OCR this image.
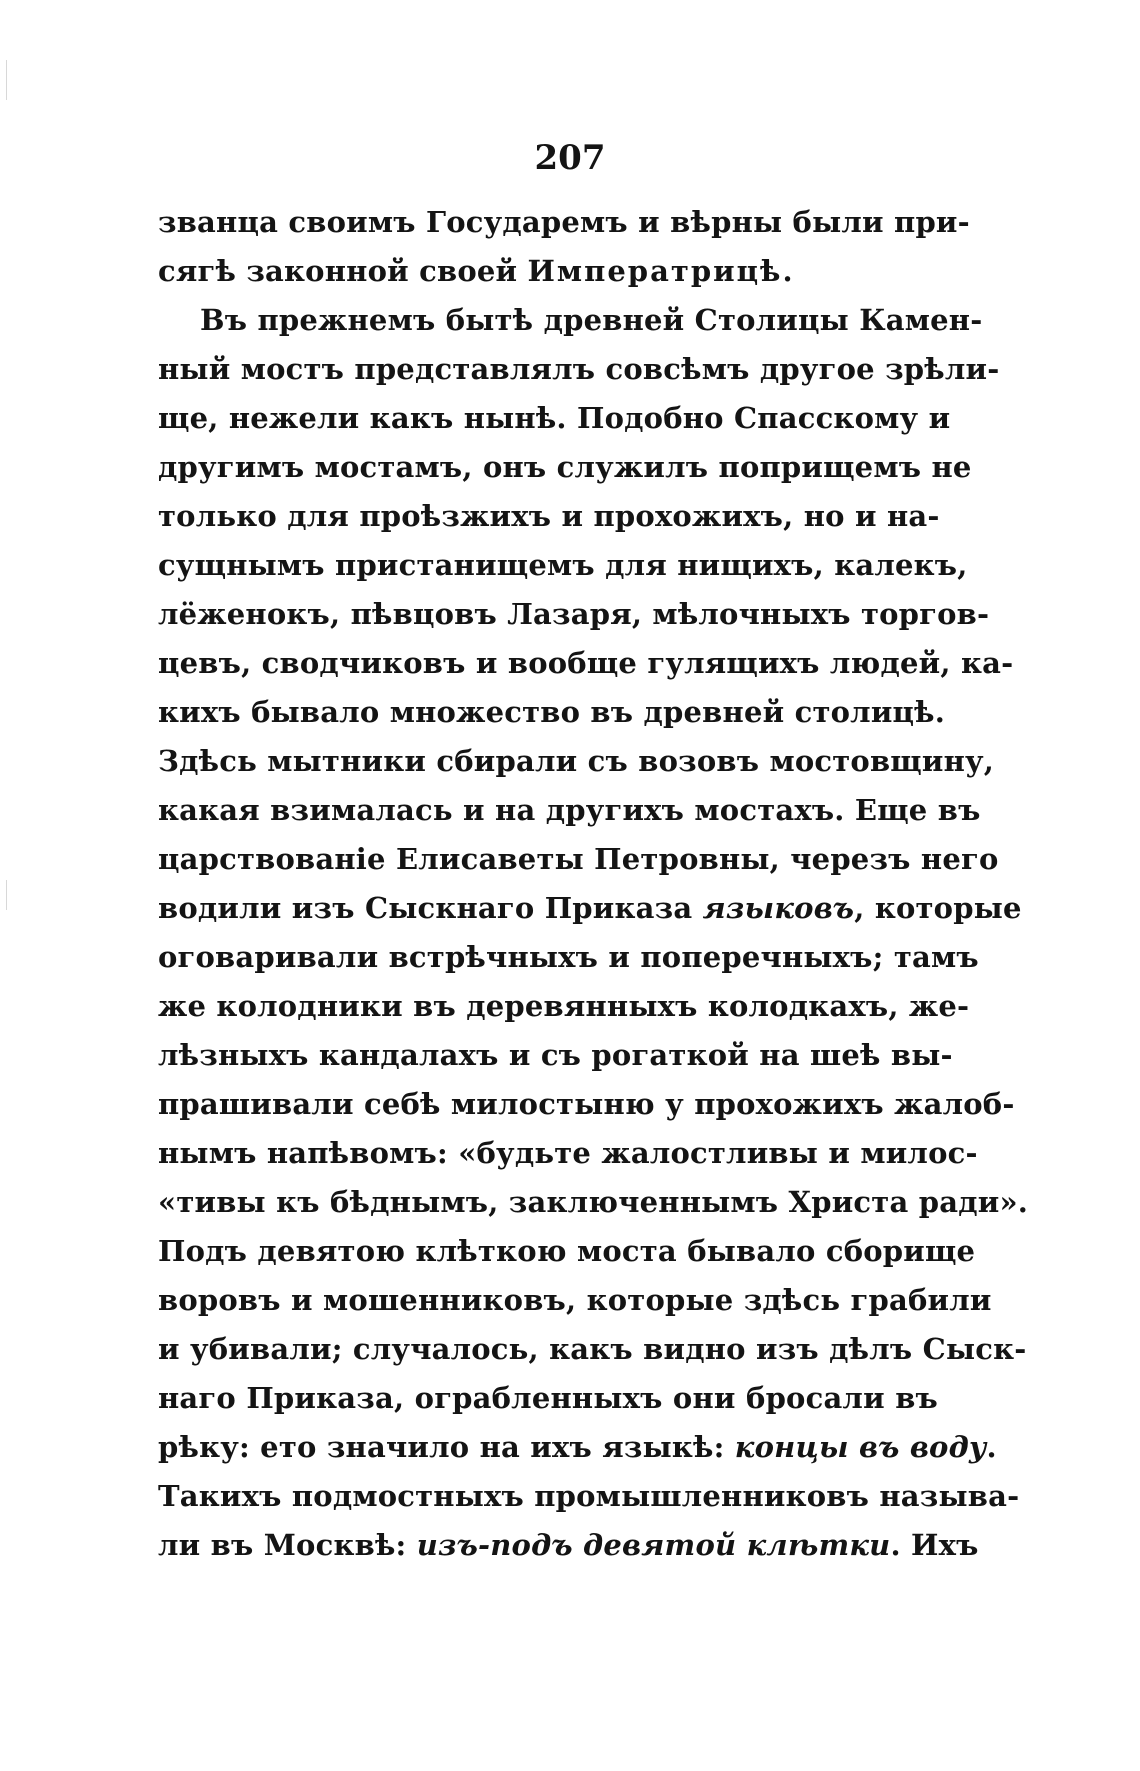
207
званца своимъ Государемъ и вѣрны были при-
сягѣ законной своей Императрицѣ.
Въ прежнемъ бытѣ древней Столицы Камен-
ный мостъ представлялъ совсѣмъ другое зрѣли-
ще, нежели какъ нынѣ. Подобно Спасскому и
другимъ мостамъ, онъ служилъ поприщемъ не
только для проѣзжихъ и прохожихъ, но и на-
сущнымъ пристанищемъ для нищихъ, калекъ,
лёженокъ, пѣвцовъ Лазаря, мѣлочныхъ торгов-
цевъ, сводчиковъ и вообще гулящихъ людей, ка-
кихъ бывало множество въ древней столицѣ.
Здѣсь мытники сбирали съ возовъ мостовщину,
какая взималась и на другихъ мостахъ. Еще въ
царствованіе Елисаветы Петровны, черезъ него
водили изъ Сыскнаго Приказа языковъ, которые
оговаривали встрѣчныхъ и поперечныхъ; тамъ
же колодники въ деревянныхъ колодкахъ, же-
лѣзныхъ кандалахъ и съ рогаткой на шеѣ вы-
прашивали себѣ милостыню у прохожихъ жалоб-
нымъ напѣвомъ: «будьте жалостливы и милос-
«тивы къ бѣднымъ, заключеннымъ Христа ради».
Подъ девятою клѣткою моста бывало сборище
воровъ и мошенниковъ, которые здѣсь грабили
и убивали; случалось, какъ видно изъ дѣлъ Сыск-
наго Приказа, ограбленныхъ они бросали въ
рѣку: ето значило на ихъ языкѣ: концы въ воду.
Такихъ подмостныхъ промышленниковъ называ-
ли въ Москвѣ: изъ-подъ девятой клѣтки. Ихъ
